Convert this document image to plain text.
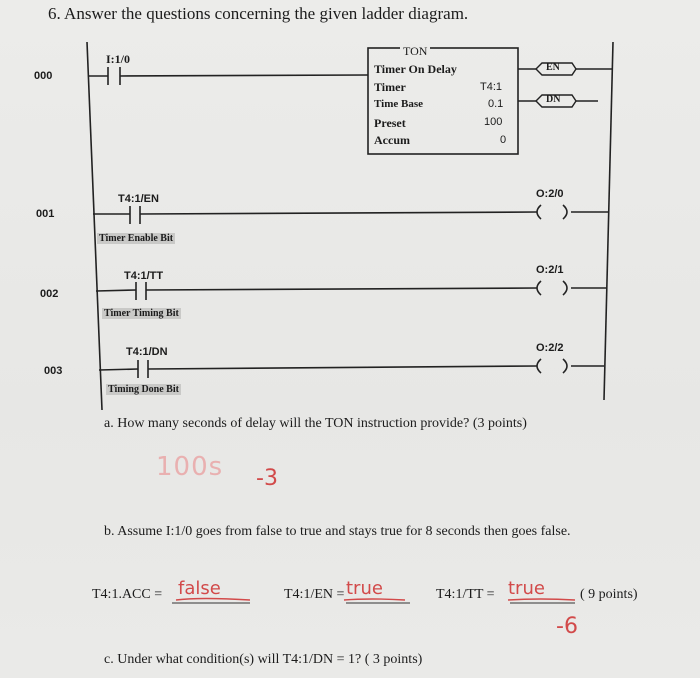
6. Answer the questions concerning the given ladder diagram.
000
001
002
003
I:1/0
T4:1/EN
T4:1/TT
T4:1/DN
Timer Enable Bit
Timer Timing Bit
Timing Done Bit
O:2/0
O:2/1
O:2/2
TON
Timer On Delay
Timer	T4:1
Time Base	0.1
Preset	100
Accum	0
EN
DN
a. How many seconds of delay will the TON instruction provide? (3 points)
100s -3
b. Assume I:1/0 goes from false to true and stays true for 8 seconds then goes false.
T4:1.ACC = false	T4:1/EN = true	T4:1/TT = true	( 9 points)
-6
c. Under what condition(s) will T4:1/DN = 1? ( 3 points)
